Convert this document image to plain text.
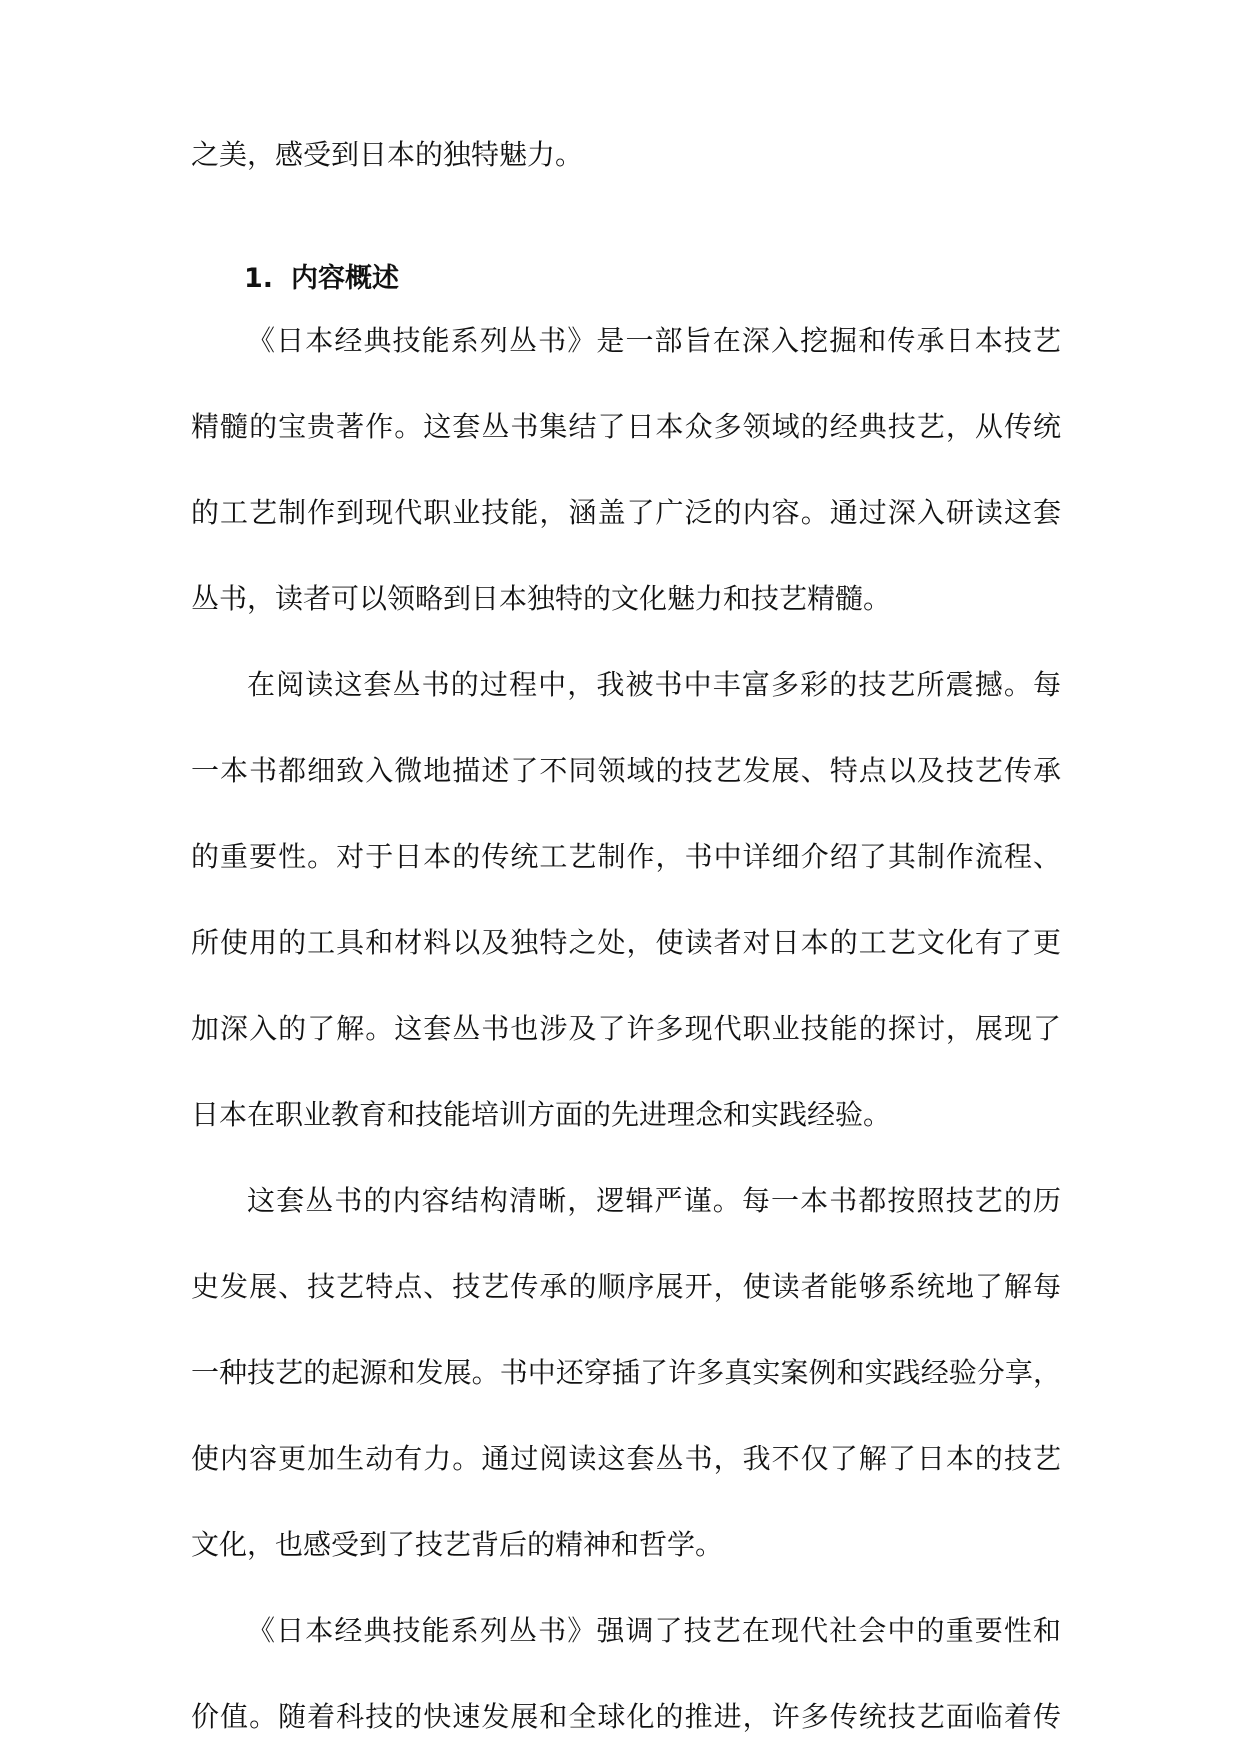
之美，感受到日本的独特魅力。
1. 内容概述
《日本经典技能系列丛书》是一部旨在深入挖掘和传承日本技艺
精髓的宝贵著作。这套丛书集结了日本众多领域的经典技艺，从传统
的工艺制作到现代职业技能，涵盖了广泛的内容。通过深入研读这套
丛书，读者可以领略到日本独特的文化魅力和技艺精髓。
在阅读这套丛书的过程中，我被书中丰富多彩的技艺所震撼。每
一本书都细致入微地描述了不同领域的技艺发展、特点以及技艺传承
的重要性。对于日本的传统工艺制作，书中详细介绍了其制作流程、
所使用的工具和材料以及独特之处，使读者对日本的工艺文化有了更
加深入的了解。这套丛书也涉及了许多现代职业技能的探讨，展现了
日本在职业教育和技能培训方面的先进理念和实践经验。
这套丛书的内容结构清晰，逻辑严谨。每一本书都按照技艺的历
史发展、技艺特点、技艺传承的顺序展开，使读者能够系统地了解每
一种技艺的起源和发展。书中还穿插了许多真实案例和实践经验分享，
使内容更加生动有力。通过阅读这套丛书，我不仅了解了日本的技艺
文化，也感受到了技艺背后的精神和哲学。
《日本经典技能系列丛书》强调了技艺在现代社会中的重要性和
价值。随着科技的快速发展和全球化的推进，许多传统技艺面临着传
